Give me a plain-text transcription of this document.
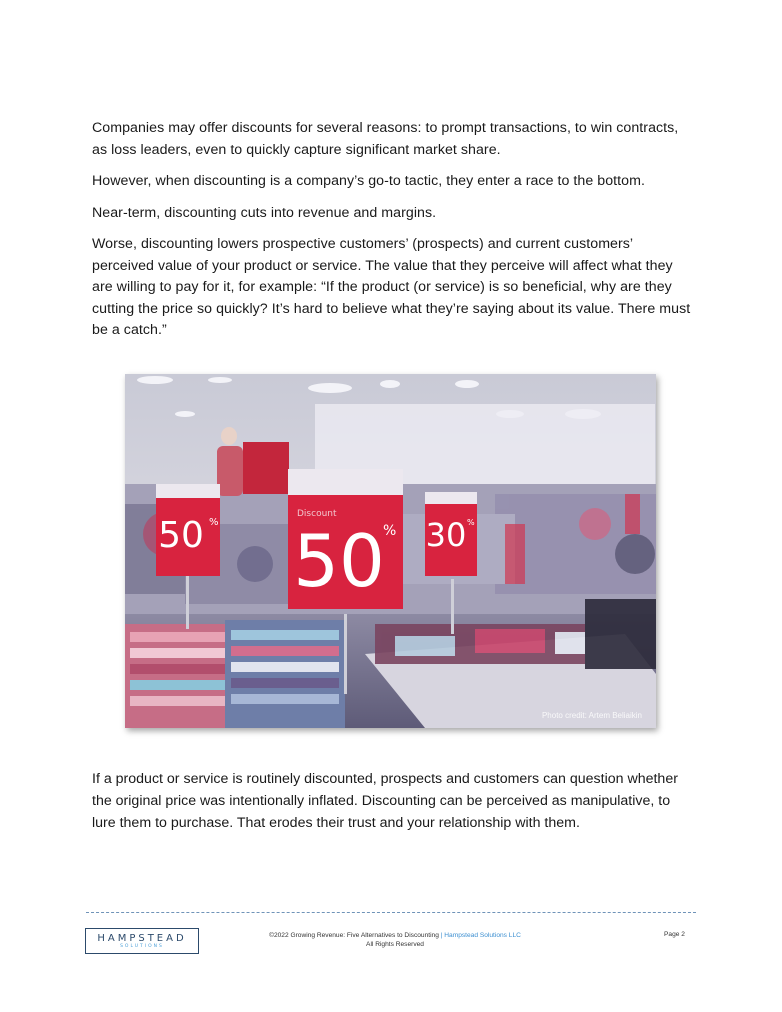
Companies may offer discounts for several reasons: to prompt transactions, to win contracts, as loss leaders, even to quickly capture significant market share.

However, when discounting is a company’s go-to tactic, they enter a race to the bottom.

Near-term, discounting cuts into revenue and margins.

Worse, discounting lowers prospective customers’ (prospects) and current customers’ perceived value of your product or service. The value that they perceive will affect what they are willing to pay for it, for example: “If the product (or service) is so beneficial, why are they cutting the price so quickly? It’s hard to believe what they’re saying about its value. There must be a catch.”

50 %
Discount
50
% 30 %
Photo credit: Artem Beliaikin

If a product or service is routinely discounted, prospects and customers can question whether the original price was intentionally inflated. Discounting can be perceived as manipulative, to lure them to purchase. That erodes their trust and your relationship with them.

HAMPSTEAD
SOLUTIONS
©2022 Growing Revenue: Five Alternatives to Discounting | Hampstead Solutions LLC
All Rights Reserved
Page 2
